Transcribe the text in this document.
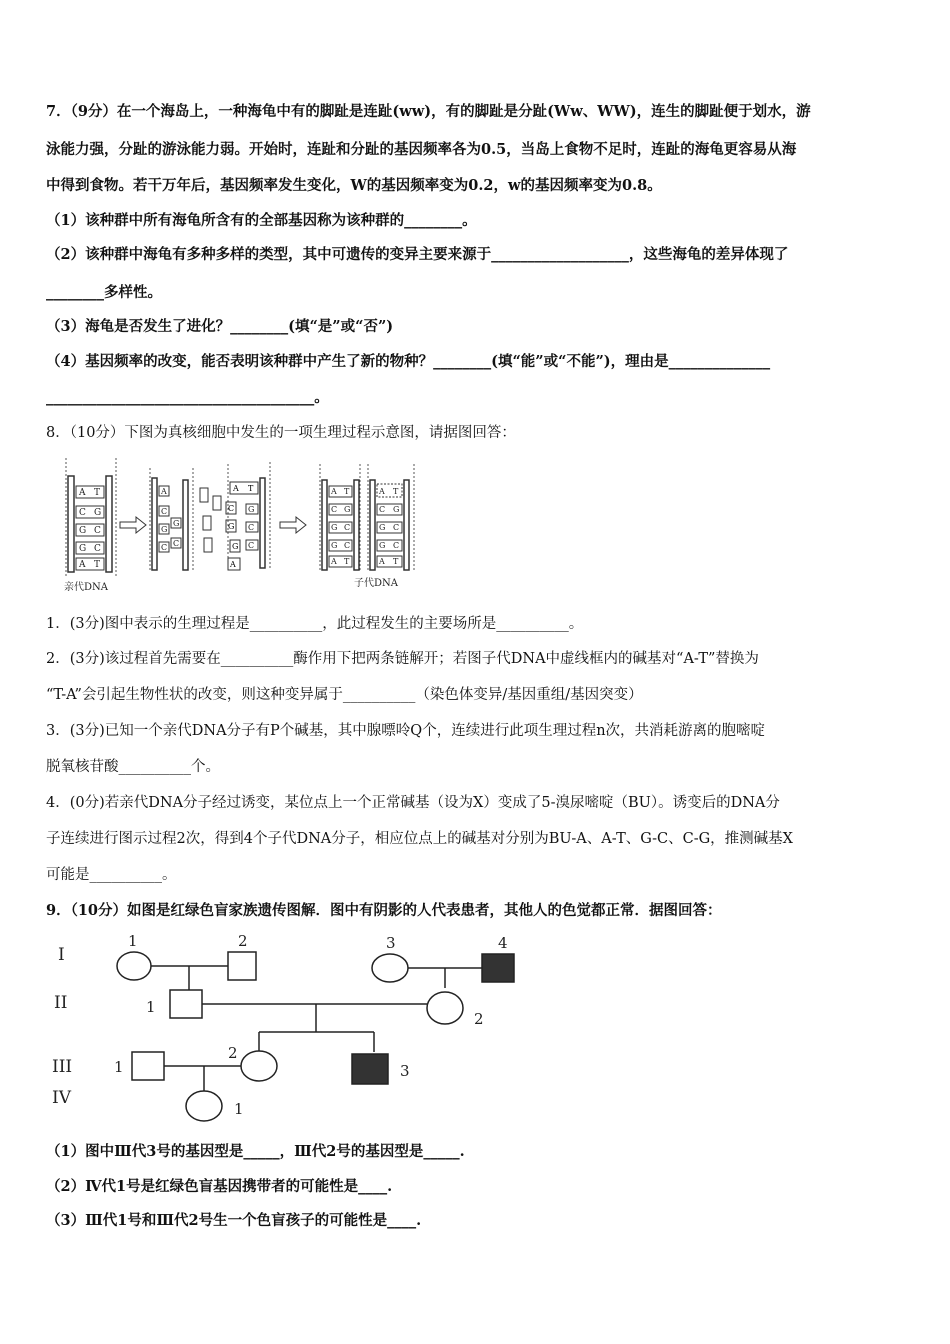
7．（9分）在一个海岛上，一种海龟中有的脚趾是连趾(ww)，有的脚趾是分趾(Ww、WW)，连生的脚趾便于划水，游
泳能力强，分趾的游泳能力弱。开始时，连趾和分趾的基因频率各为0.5，当岛上食物不足时，连趾的海龟更容易从海
中得到食物。若干万年后，基因频率发生变化，W的基因频率变为0.2，w的基因频率变为0.8。
（1）该种群中所有海龟所含有的全部基因称为该种群的________。
（2）该种群中海龟有多种多样的类型，其中可遗传的变异主要来源于___________________，这些海龟的差异体现了
________多样性。
（3）海龟是否发生了进化？________(填“是”或“否”)
（4）基因频率的改变，能否表明该种群中产生了新的物种？________(填“能”或“不能”)，理由是______________
_____________________________________。
8．（10分）下图为真核细胞中发生的一项生理过程示意图，请据图回答：
A T
C G
G C
G C
A T
亲代DNA
A
C
G
C
G
C
A T
C
G
G
A
G
C
C
A T
C G
G C
G C
A T
A T
C G
G C
G C
A T
子代DNA
1．(3分)图中表示的生理过程是__________，此过程发生的主要场所是__________。
2．(3分)该过程首先需要在__________酶作用下把两条链解开；若图子代DNA中虚线框内的碱基对“A-T”替换为
“T-A”会引起生物性状的改变，则这种变异属于__________（染色体变异/基因重组/基因突变）
3．(3分)已知一个亲代DNA分子有P个碱基，其中腺嘌呤Q个，连续进行此项生理过程n次，共消耗游离的胞嘧啶
脱氧核苷酸__________个。
4．(0分)若亲代DNA分子经过诱变，某位点上一个正常碱基（设为X）变成了5-溴尿嘧啶（BU）。诱变后的DNA分
子连续进行图示过程2次，得到4个子代DNA分子，相应位点上的碱基对分别为BU-A、A-T、G-C、C-G，推测碱基X
可能是__________。
9．（10分）如图是红绿色盲家族遗传图解．图中有阴影的人代表患者，其他人的色觉都正常．据图回答：
I
II
III
IV
1	2	3	4
1
2
1
2
3
1
（1）图中Ⅲ代3号的基因型是_____，Ⅲ代2号的基因型是_____.
（2）Ⅳ代1号是红绿色盲基因携带者的可能性是____.
（3）Ⅲ代1号和Ⅲ代2号生一个色盲孩子的可能性是____.
